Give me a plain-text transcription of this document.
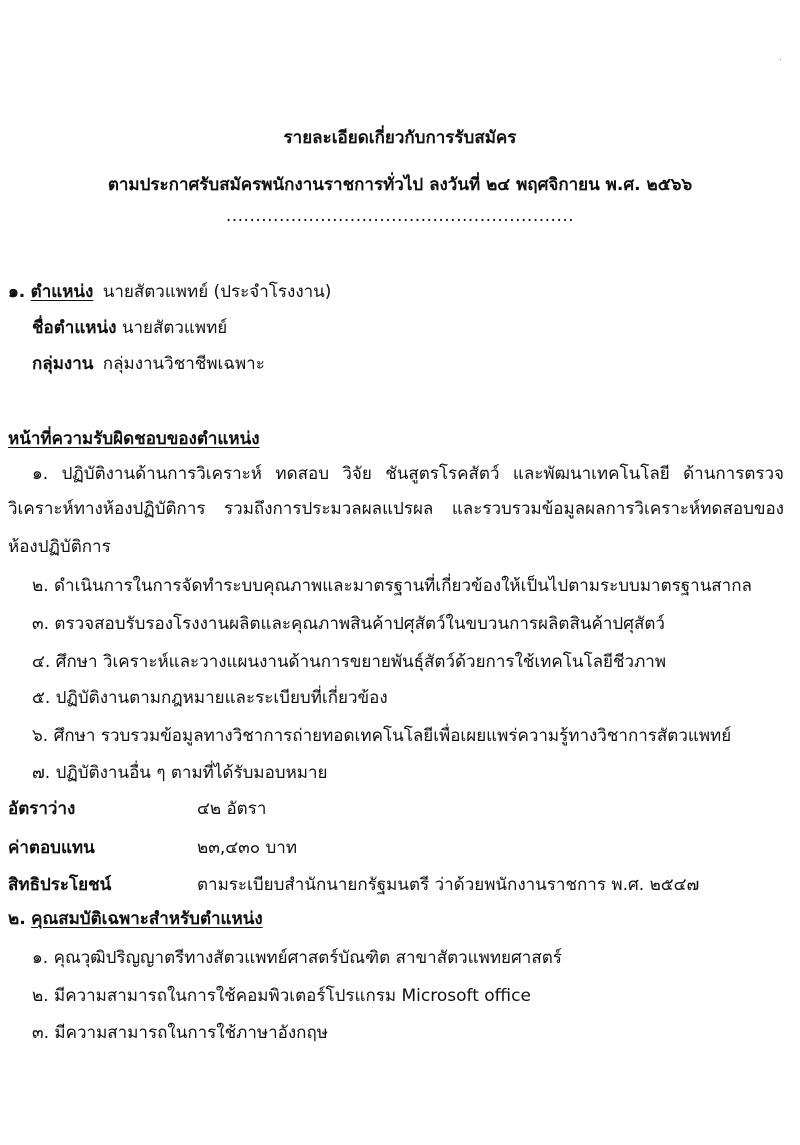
·
รายละเอียดเกี่ยวกับการรับสมัคร
ตามประกาศรับสมัครพนักงานราชการทั่วไป ลงวันที่ ๒๔ พฤศจิกายน พ.ศ. ๒๕๖๖
...........................................................
๑. ตำแหน่ง นายสัตวแพทย์ (ประจำโรงงาน)
ชื่อตำแหน่ง นายสัตวแพทย์
กลุ่มงาน กลุ่มงานวิชาชีพเฉพาะ
หน้าที่ความรับผิดชอบของตำแหน่ง
๑. ปฏิบัติงานด้านการวิเคราะห์ ทดสอบ วิจัย ชันสูตรโรคสัตว์ และพัฒนาเทคโนโลยี ด้านการตรวจ
วิเคราะห์ทางห้องปฏิบัติการ รวมถึงการประมวลผลแปรผล และรวบรวมข้อมูลผลการวิเคราะห์ทดสอบของ
ห้องปฏิบัติการ
๒. ดำเนินการในการจัดทำระบบคุณภาพและมาตรฐานที่เกี่ยวข้องให้เป็นไปตามระบบมาตรฐานสากล
๓. ตรวจสอบรับรองโรงงานผลิตและคุณภาพสินค้าปศุสัตว์ในขบวนการผลิตสินค้าปศุสัตว์
๔. ศึกษา วิเคราะห์และวางแผนงานด้านการขยายพันธุ์สัตว์ด้วยการใช้เทคโนโลยีชีวภาพ
๕. ปฏิบัติงานตามกฎหมายและระเบียบที่เกี่ยวข้อง
๖. ศึกษา รวบรวมข้อมูลทางวิชาการถ่ายทอดเทคโนโลยีเพื่อเผยแพร่ความรู้ทางวิชาการสัตวแพทย์
๗. ปฏิบัติงานอื่น ๆ ตามที่ได้รับมอบหมาย
อัตราว่าง	๔๒ อัตรา
ค่าตอบแทน	๒๓,๔๓๐ บาท
สิทธิประโยชน์	ตามระเบียบสำนักนายกรัฐมนตรี ว่าด้วยพนักงานราชการ พ.ศ. ๒๕๔๗
๒. คุณสมบัติเฉพาะสำหรับตำแหน่ง
๑. คุณวุฒิปริญญาตรีทางสัตวแพทย์ศาสตร์บัณฑิต สาขาสัตวแพทยศาสตร์
๒. มีความสามารถในการใช้คอมพิวเตอร์โปรแกรม Microsoft office
๓. มีความสามารถในการใช้ภาษาอังกฤษ
